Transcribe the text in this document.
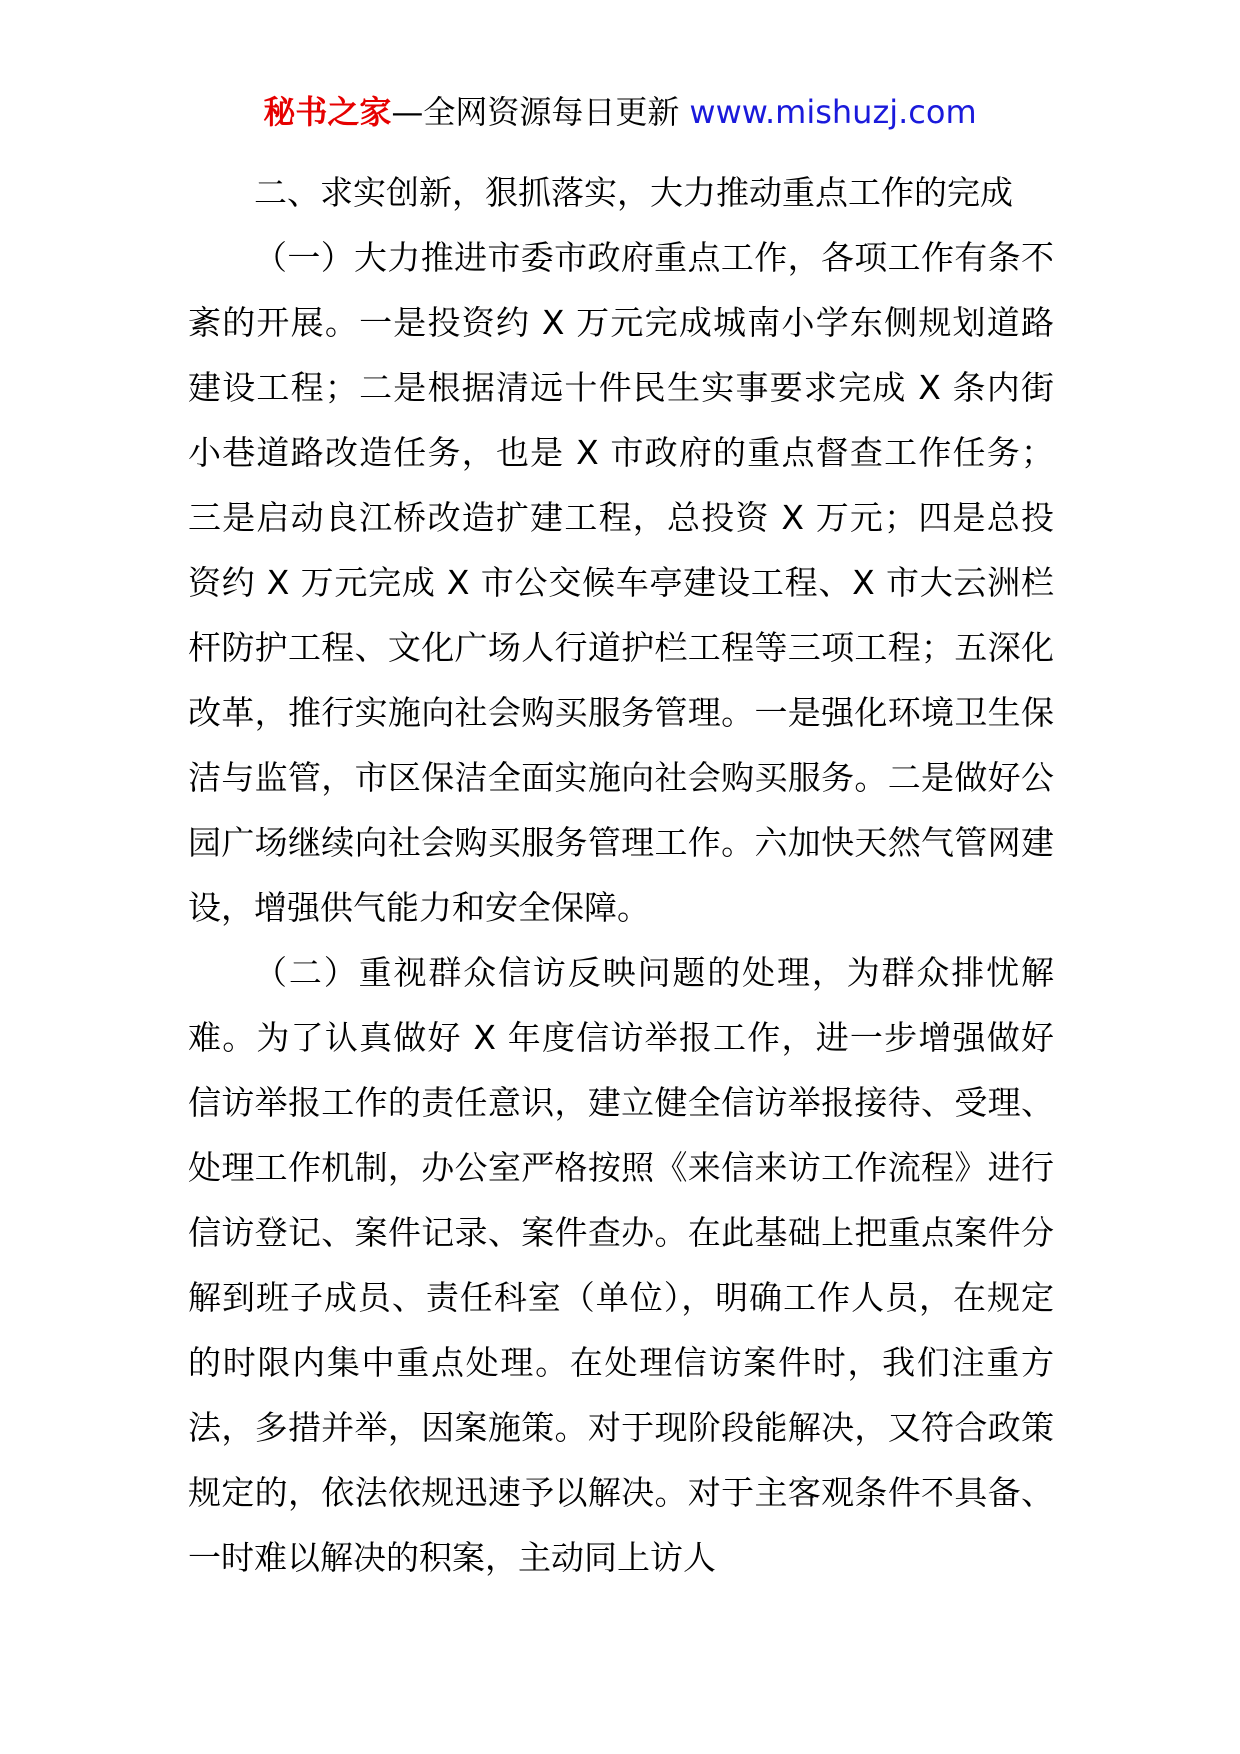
秘书之家—全网资源每日更新 www.mishuzj.com
二、求实创新，狠抓落实，大力推动重点工作的完成

（一）大力推进市委市政府重点工作，各项工作有条不紊的开展。一是投资约 X 万元完成城南小学东侧规划道路建设工程；二是根据清远十件民生实事要求完成 X 条内街小巷道路改造任务，也是 X 市政府的重点督查工作任务；三是启动良江桥改造扩建工程，总投资 X 万元；四是总投资约 X 万元完成 X 市公交候车亭建设工程、X 市大云洲栏杆防护工程、文化广场人行道护栏工程等三项工程；五深化改革，推行实施向社会购买服务管理。一是强化环境卫生保洁与监管，市区保洁全面实施向社会购买服务。二是做好公园广场继续向社会购买服务管理工作。六加快天然气管网建设，增强供气能力和安全保障。

（二）重视群众信访反映问题的处理，为群众排忧解难。为了认真做好 X 年度信访举报工作，进一步增强做好信访举报工作的责任意识，建立健全信访举报接待、受理、处理工作机制，办公室严格按照《来信来访工作流程》进行信访登记、案件记录、案件查办。在此基础上把重点案件分解到班子成员、责任科室（单位），明确工作人员，在规定的时限内集中重点处理。在处理信访案件时，我们注重方法，多措并举，因案施策。对于现阶段能解决，又符合政策规定的，依法依规迅速予以解决。对于主客观条件不具备、一时难以解决的积案，主动同上访人
